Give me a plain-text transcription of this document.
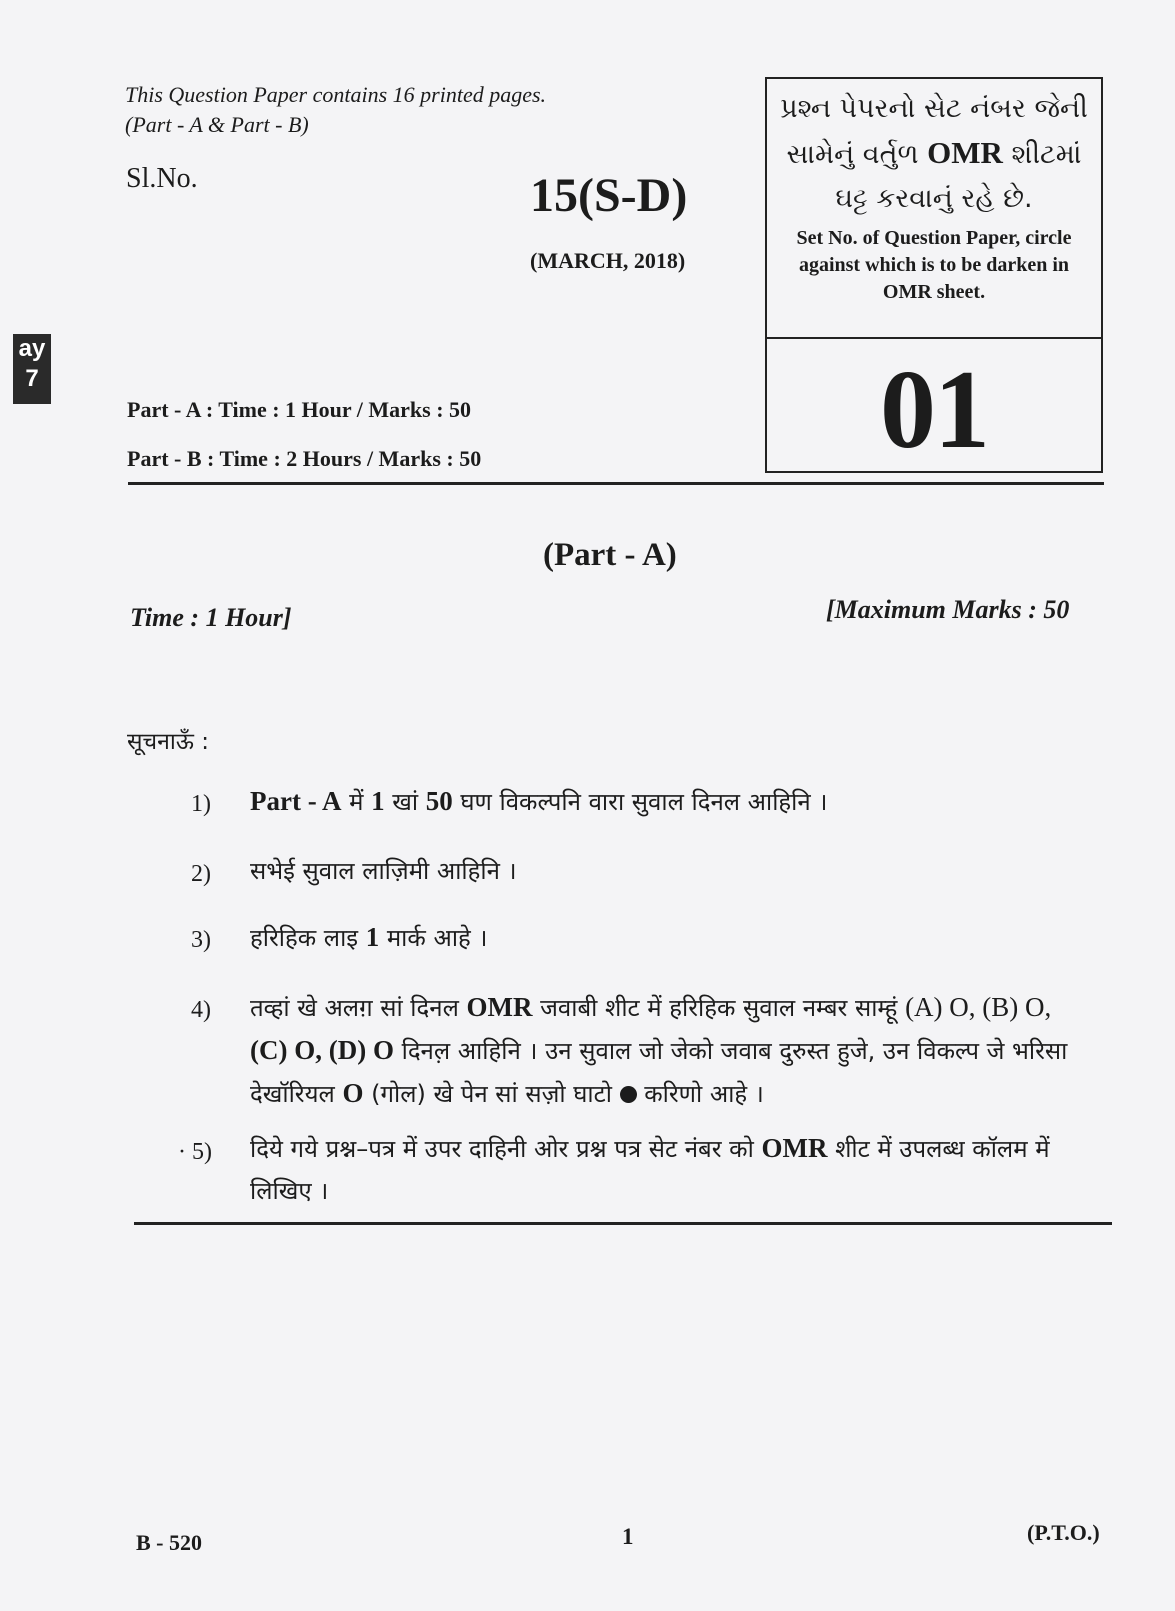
ay
7
This Question Paper contains 16 printed pages.
(Part - A & Part - B)
Sl.No.	15(S-D)
(MARCH, 2018)
Part - A : Time : 1 Hour / Marks : 50
Part - B : Time : 2 Hours / Marks : 50
પ્રશ્ન પેપરનો સેટ નંબર જેની
સામેનું વર્તુળ OMR શીટમાં
ઘટ્ટ કરવાનું રહે છે.
Set No. of Question Paper, circle
against which is to be darken in
OMR sheet.
01
(Part - A)
Time : 1 Hour]	[Maximum Marks : 50
सूचनाऊँ :
1) Part - A में 1 खां 50 घण विकल्पनि वारा सुवाल दिनल आहिनि ।
2) सभेई सुवाल लाज़िमी आहिनि ।
3) हरिहिक लाइ 1 मार्क आहे ।
4) तव्हां खे अलग़ सां दिनल OMR जवाबी शीट में हरिहिक सुवाल नम्बर साम्हूं (A) O, (B) O,
(C) O, (D) O दिनल़ आहिनि । उन सुवाल जो जेको जवाब दुरुस्त हुजे, उन विकल्प जे भरिसा
देखॉरियल O (गोल) खे पेन सां सज़ो घाटो  करिणो आहे ।
· 5) दिये गये प्रश्न–पत्र में उपर दाहिनी ओर प्रश्न पत्र सेट नंबर को OMR शीट में उपलब्ध कॉलम में
लिखिए ।
B - 520	1	(P.T.O.)
